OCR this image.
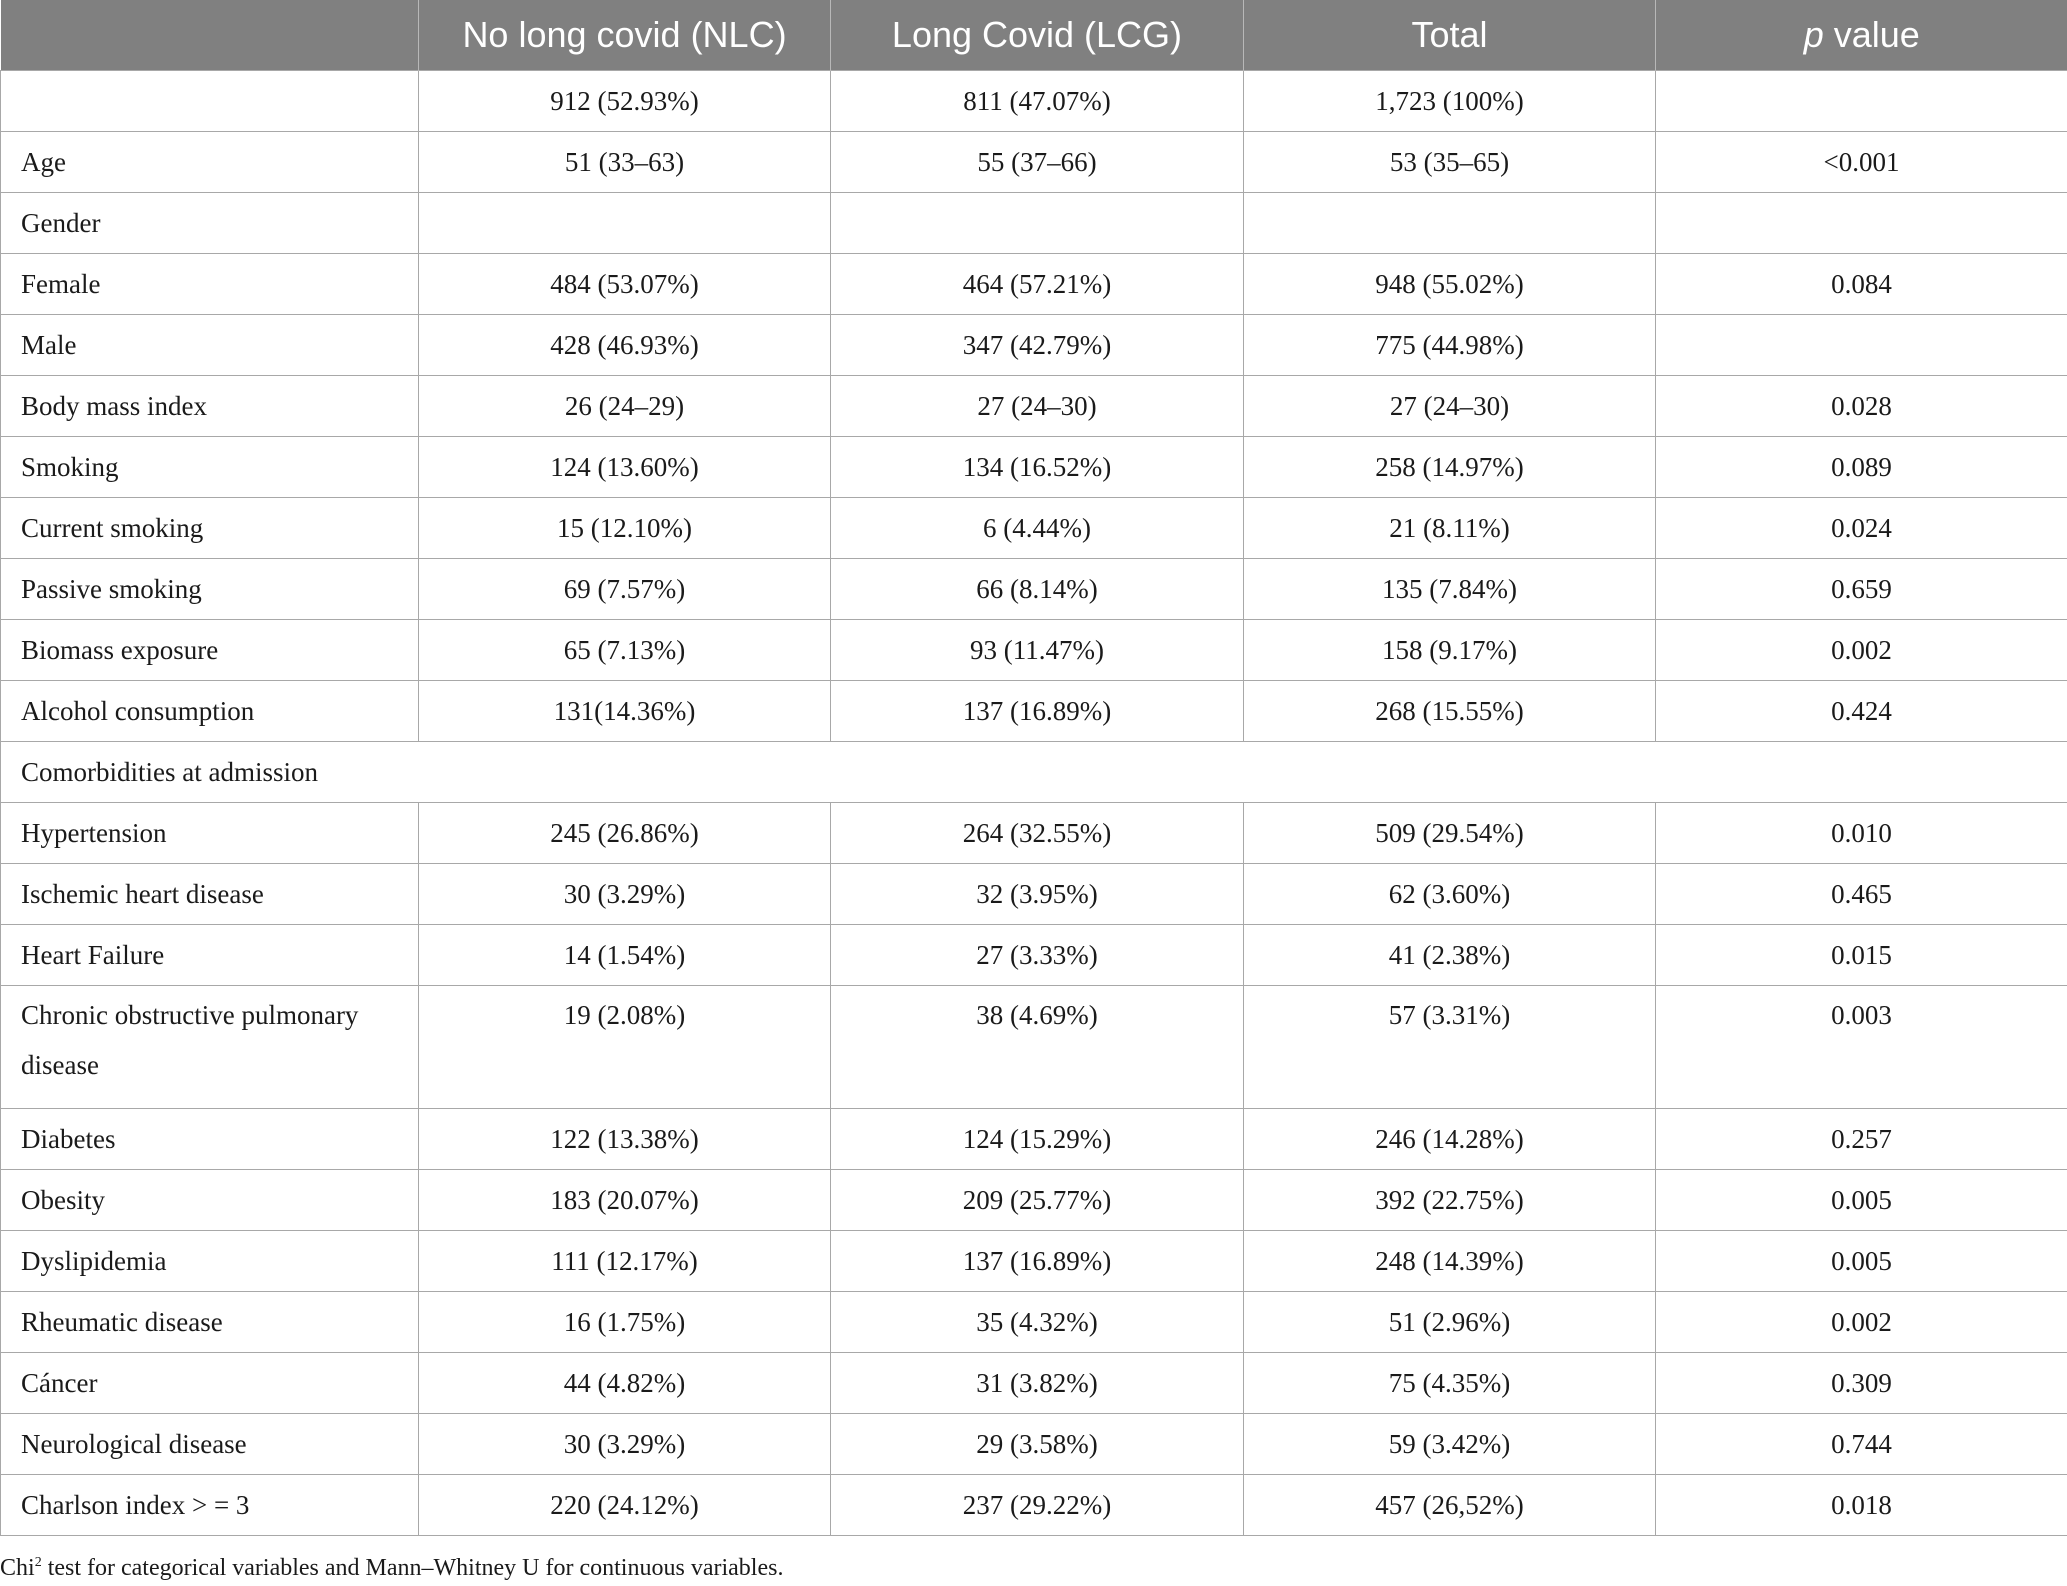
	No long covid (NLC)	Long Covid (LCG)	Total	p value
	912 (52.93%)	811 (47.07%)	1,723 (100%)	
Age	51 (33–63)	55 (37–66)	53 (35–65)	<0.001
Gender				
Female	484 (53.07%)	464 (57.21%)	948 (55.02%)	0.084
Male	428 (46.93%)	347 (42.79%)	775 (44.98%)	
Body mass index	26 (24–29)	27 (24–30)	27 (24–30)	0.028
Smoking	124 (13.60%)	134 (16.52%)	258 (14.97%)	0.089
Current smoking	15 (12.10%)	6 (4.44%)	21 (8.11%)	0.024
Passive smoking	69 (7.57%)	66 (8.14%)	135 (7.84%)	0.659
Biomass exposure	65 (7.13%)	93 (11.47%)	158 (9.17%)	0.002
Alcohol consumption	131(14.36%)	137 (16.89%)	268 (15.55%)	0.424
Comorbidities at admission				
Hypertension	245 (26.86%)	264 (32.55%)	509 (29.54%)	0.010
Ischemic heart disease	30 (3.29%)	32 (3.95%)	62 (3.60%)	0.465
Heart Failure	14 (1.54%)	27 (3.33%)	41 (2.38%)	0.015
Chronic obstructive pulmonary disease	19 (2.08%)	38 (4.69%)	57 (3.31%)	0.003
Diabetes	122 (13.38%)	124 (15.29%)	246 (14.28%)	0.257
Obesity	183 (20.07%)	209 (25.77%)	392 (22.75%)	0.005
Dyslipidemia	111 (12.17%)	137 (16.89%)	248 (14.39%)	0.005
Rheumatic disease	16 (1.75%)	35 (4.32%)	51 (2.96%)	0.002
Cáncer	44 (4.82%)	31 (3.82%)	75 (4.35%)	0.309
Neurological disease	30 (3.29%)	29 (3.58%)	59 (3.42%)	0.744
Charlson index > = 3	220 (24.12%)	237 (29.22%)	457 (26,52%)	0.018
Chi$^2$ test for categorical variables and Mann–Whitney U for continuous variables.
